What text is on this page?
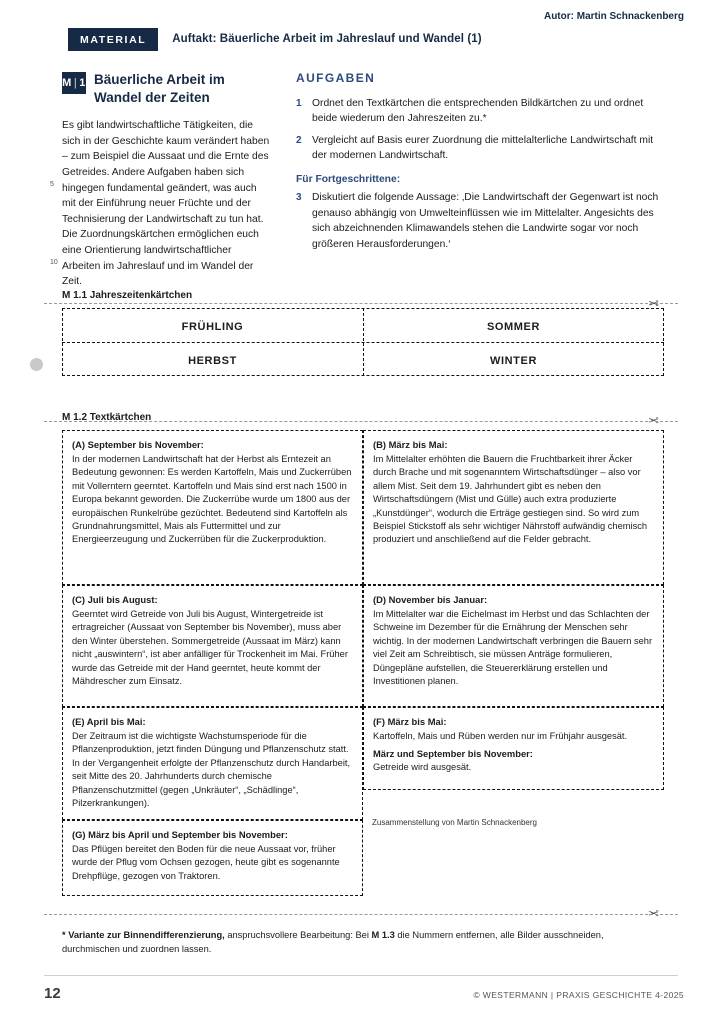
MATERIAL	Auftakt: Bäuerliche Arbeit im Jahreslauf und Wandel (1)
Autor: Martin Schnackenberg
M | 1 Bäuerliche Arbeit im Wandel der Zeiten
5
10
Es gibt landwirtschaftliche Tätigkeiten, die sich in der Geschichte kaum verändert haben – zum Beispiel die Aussaat und die Ernte des Getreides. Andere Aufgaben haben sich hingegen fundamental geändert, was auch mit der Einführung neuer Früchte und der Technisierung der Landwirtschaft zu tun hat. Die Zuordnungskärtchen ermöglichen euch eine Orientierung landwirtschaftlicher Arbeiten im Jahreslauf und im Wandel der Zeit.
AUFGABEN
1	Ordnet den Textkärtchen die entsprechenden Bildkärtchen zu und ordnet beide wiederum den Jahreszeiten zu.*
2	Vergleicht auf Basis eurer Zuordnung die mittelalterliche Landwirtschaft mit der modernen Landwirtschaft.
Für Fortgeschrittene:
3	Diskutiert die folgende Aussage: ‚Die Landwirtschaft der Gegenwart ist noch genauso abhängig von Umwelteinflüssen wie im Mittelalter. Angesichts des sich abzeichnenden Klimawandels stehen die Landwirte sogar vor noch größeren Herausforderungen.‘
M 1.1 Jahreszeitenkärtchen
✂
FRÜHLING	SOMMER
HERBST	WINTER
M 1.2 Textkärtchen	✂
(A) September bis November:

In der modernen Landwirtschaft hat der Herbst als Erntezeit an Bedeutung gewonnen: Es werden Kartoffeln, Mais und Zuckerrüben mit Vollerntern geerntet. Kartoffeln und Mais sind erst nach 1500 in Europa bekannt geworden. Die Zuckerrübe wurde um 1800 aus der europäischen Runkelrübe gezüchtet. Bedeutend sind Kartoffeln als Grundnahrungsmittel, Mais als Futtermittel und zur Energieerzeugung und Zuckerrüben für die Zuckerproduktion.

(B) März bis Mai:

Im Mittelalter erhöhten die Bauern die Fruchtbarkeit ihrer Äcker durch Brache und mit sogenanntem Wirtschaftsdünger – also vor allem Mist. Seit dem 19. Jahrhundert gibt es neben den Wirtschaftsdüngern (Mist und Gülle) auch extra produzierte „Kunstdünger“, wodurch die Erträge gestiegen sind. So wird zum Beispiel Stickstoff als sehr wichtiger Nährstoff aufwändig chemisch produziert und anschließend auf die Felder gebracht.

(C) Juli bis August:

Geerntet wird Getreide von Juli bis August, Wintergetreide ist ertragreicher (Aussaat von September bis November), muss aber den Winter überstehen. Sommergetreide (Aussaat im März) kann nicht „auswintern“, ist aber anfälliger für Trockenheit im Mai. Früher wurde das Getreide mit der Hand geerntet, heute kommt der Mähdrescher zum Einsatz.

(D) November bis Januar:

Im Mittelalter war die Eichelmast im Herbst und das Schlachten der Schweine im Dezember für die Ernährung der Menschen sehr wichtig. In der modernen Landwirtschaft verbringen die Bauern sehr viel Zeit am Schreibtisch, sie müssen Anträge formulieren, Düngepläne aufstellen, die Steuererklärung erstellen und Investitionen planen.

(E) April bis Mai:

Der Zeitraum ist die wichtigste Wachstumsperiode für die Pflanzenproduktion, jetzt finden Düngung und Pflanzenschutz statt. In der Vergangenheit erfolgte der Pflanzenschutz durch Handarbeit, seit Mitte des 20. Jahrhunderts durch chemische Pflanzenschutzmittel (gegen „Unkräuter“, „Schädlinge“, Pilzerkrankungen).

(F) März bis Mai:

Kartoffeln, Mais und Rüben werden nur im Frühjahr ausgesät.

März und September bis November:

Getreide wird ausgesät.

(G) März bis April und September bis November:

Das Pflügen bereitet den Boden für die neue Aussaat vor, früher wurde der Pflug vom Ochsen gezogen, heute gibt es sogenannte Drehpflüge, gezogen von Traktoren.

Zusammenstellung von Martin Schnackenberg
✂
* Variante zur Binnendifferenzierung, anspruchsvollere Bearbeitung: Bei M 1.3 die Nummern entfernen, alle Bilder ausschneiden, durchmischen und zuordnen lassen.
12	© WESTERMANN | PRAXIS GESCHICHTE 4-2025
